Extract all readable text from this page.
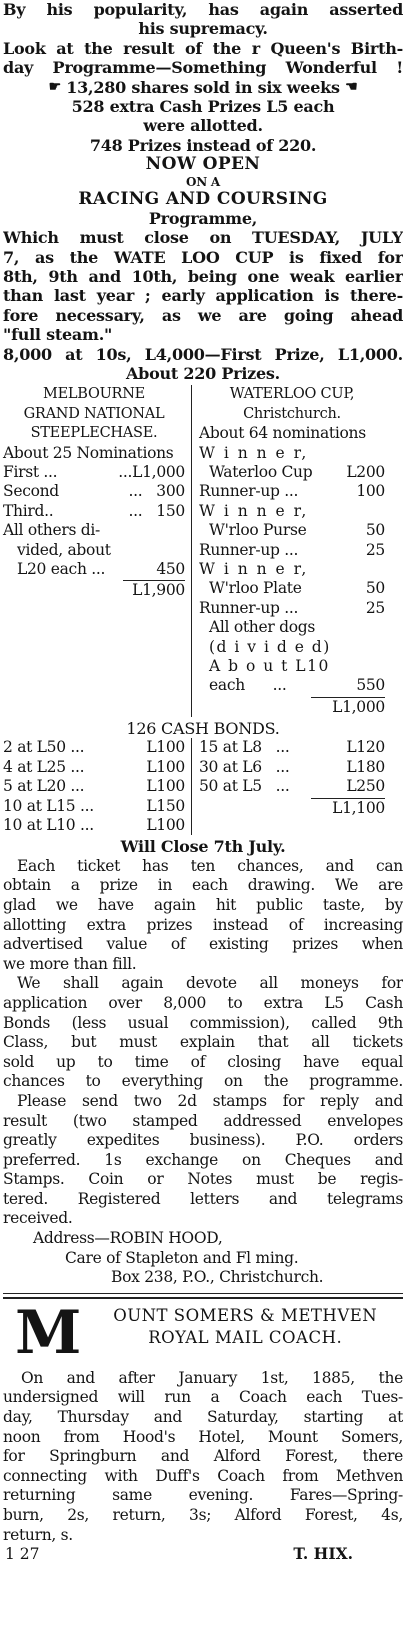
By his popularity, has again asserted
his supremacy.
Look at the result of the r Queen's Birth-
day Programme—Something Wonderful !
☛ 13,280 shares sold in six weeks ☚
528 extra Cash Prizes L5 each
were allotted.
748 Prizes instead of 220.
NOW OPEN
ON A
RACING AND COURSING
Programme,
Which must close on TUESDAY, JULY
7, as the WATE LOO CUP is fixed for
8th, 9th and 10th, being one weak earlier
than last year ; early application is there-
fore necessary, as we are going ahead
"full steam."
8,000 at 10s, L4,000—First Prize, L1,000.
About 220 Prizes.
MELBOURNE
GRAND NATIONAL
STEEPLECHASE.
About 25 Nominations
First ...	...L1,000
Second	...   300
Third..	...   150
All others di-
vided, about
L20 each ...	450
L1,900
WATERLOO CUP,
Christchurch.
About 64 nominations
W i n n e r,
Waterloo Cup L200
Runner-up ...	100
W i n n e r,
W'rloo Purse	50
Runner-up ...	25
W i n n e r,
W'rloo Plate	50
Runner-up ...	25
All other dogs
(d i v i d e d)
A b o u t L10
each      ...	550
L1,000
126 CASH BONDS.
2 at L50 ...	L100
4 at L25 ...	L100
5 at L20 ...	L100
10 at L15 ...	L150
10 at L10 ...	L100
15 at L8   ...	L120
30 at L6   ...	L180
50 at L5   ...	L250
L1,100
Will Close 7th July.
Each ticket has ten chances, and can
obtain a prize in each drawing. We are
glad we have again hit public taste, by
allotting extra prizes instead of increasing
advertised value of existing prizes when
we more than fill.
We shall again devote all moneys for
application over 8,000 to extra L5 Cash
Bonds (less usual commission), called 9th
Class, but must explain that all tickets
sold up to time of closing have equal
chances to everything on the programme.
Please send two 2d stamps for reply and
result (two stamped addressed envelopes
greatly expedites business). P.O. orders
preferred. 1s exchange on Cheques and
Stamps. Coin or Notes must be regis-
tered. Registered letters and telegrams
received.
Address—ROBIN HOOD,
Care of Stapleton and Fl ming.
Box 238, P.O., Christchurch.
M	OUNT SOMERS & METHVEN
ROYAL MAIL COACH.
On and after January 1st, 1885, the
undersigned will run a Coach each Tues-
day, Thursday and Saturday, starting at
noon from Hood's Hotel, Mount Somers,
for Springburn and Alford Forest, there
connecting with Duff's Coach from Methven
returning same evening. Fares—Spring-
burn, 2s, return, 3s; Alford Forest, 4s,
return, s.
1 27	T. HIX.
